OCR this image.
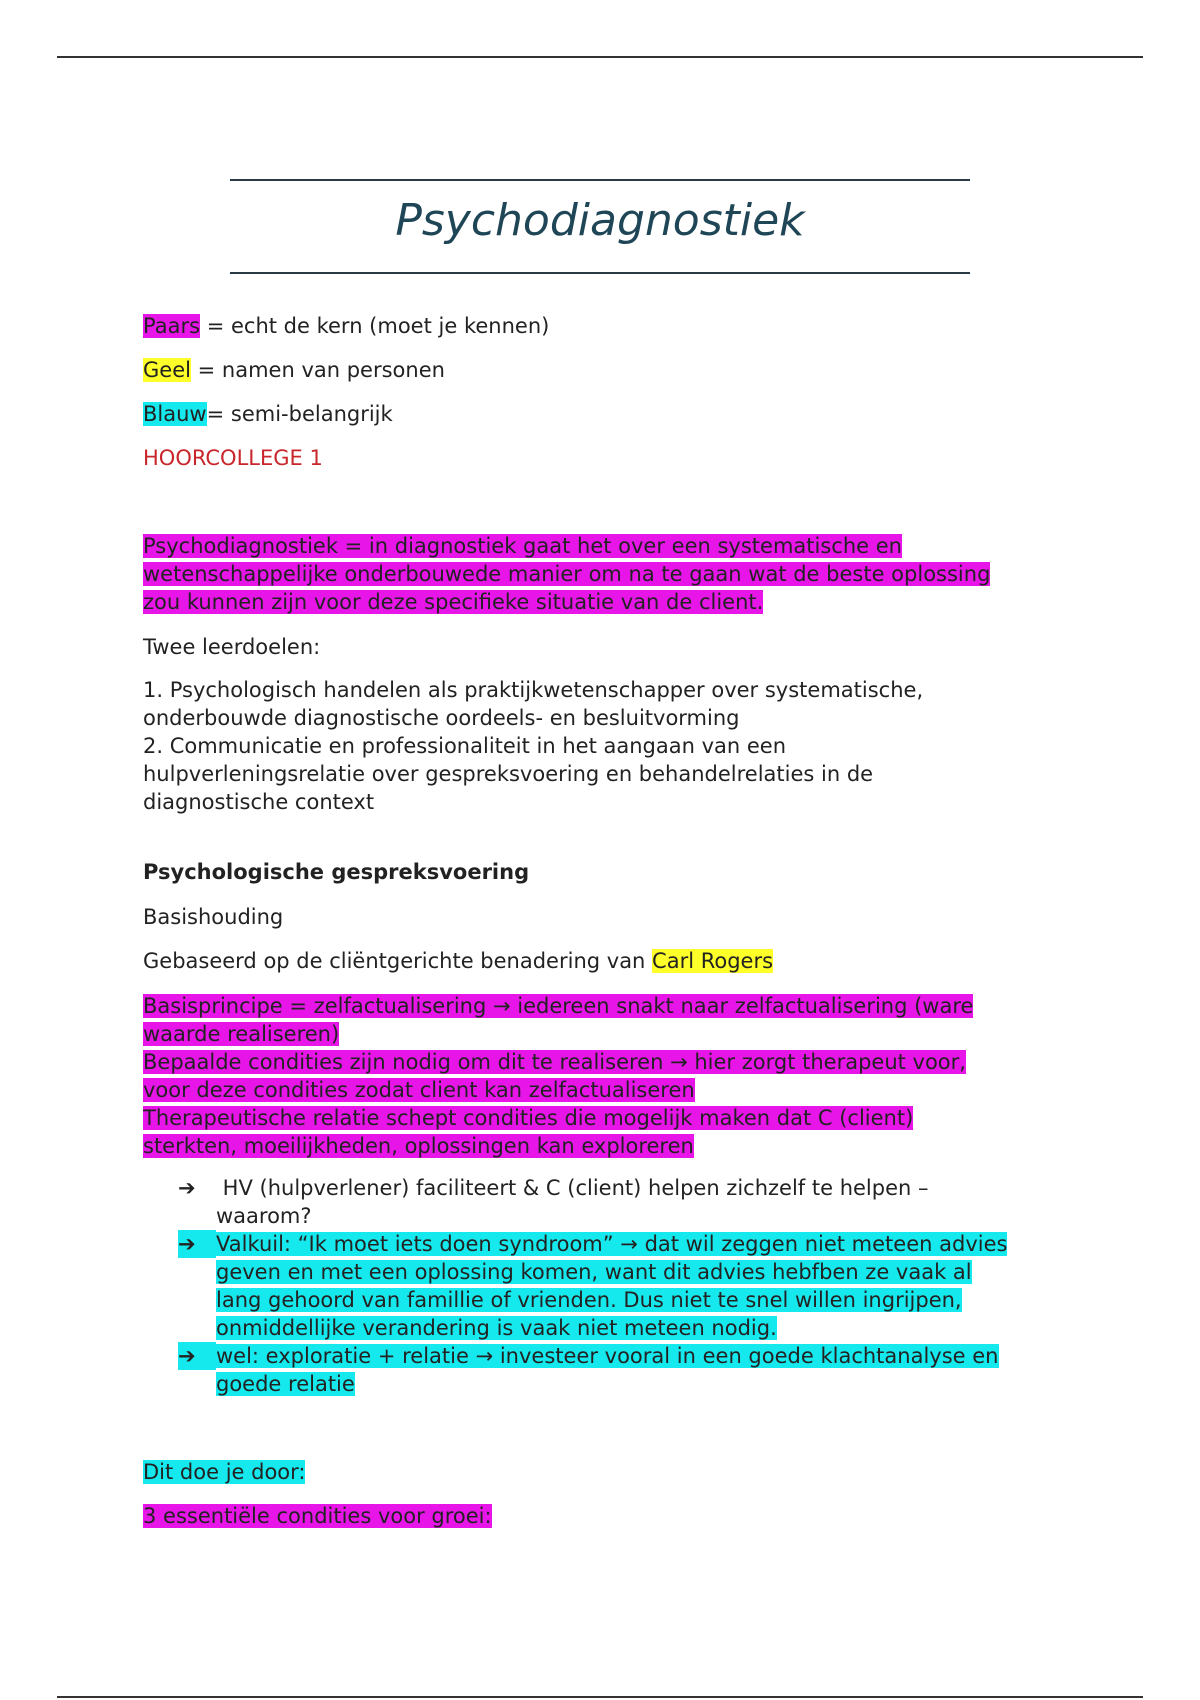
Psychodiagnostiek
Paars = echt de kern (moet je kennen)
Geel = namen van personen
Blauw= semi-belangrijk
HOORCOLLEGE 1
Psychodiagnostiek = in diagnostiek gaat het over een systematische en
wetenschappelijke onderbouwede manier om na te gaan wat de beste oplossing
zou kunnen zijn voor deze specifieke situatie van de client.
Twee leerdoelen:
1. Psychologisch handelen als praktijkwetenschapper over systematische,
onderbouwde diagnostische oordeels- en besluitvorming
2. Communicatie en professionaliteit in het aangaan van een
hulpverleningsrelatie over gespreksvoering en behandelrelaties in de
diagnostische context
Psychologische gespreksvoering
Basishouding
Gebaseerd op de cliëntgerichte benadering van Carl Rogers
Basisprincipe = zelfactualisering → iedereen snakt naar zelfactualisering (ware
waarde realiseren)
Bepaalde condities zijn nodig om dit te realiseren → hier zorgt therapeut voor,
voor deze condities zodat client kan zelfactualiseren
Therapeutische relatie schept condities die mogelijk maken dat C (client)
sterkten, moeilijkheden, oplossingen kan exploreren
➔ HV (hulpverlener) faciliteert & C (client) helpen zichzelf te helpen –
waarom?
➔ Valkuil: “Ik moet iets doen syndroom” → dat wil zeggen niet meteen advies
geven en met een oplossing komen, want dit advies hebfben ze vaak al
lang gehoord van famillie of vrienden. Dus niet te snel willen ingrijpen,
onmiddellijke verandering is vaak niet meteen nodig.
➔ wel: exploratie + relatie → investeer vooral in een goede klachtanalyse en
goede relatie
Dit doe je door:
3 essentiële condities voor groei:
